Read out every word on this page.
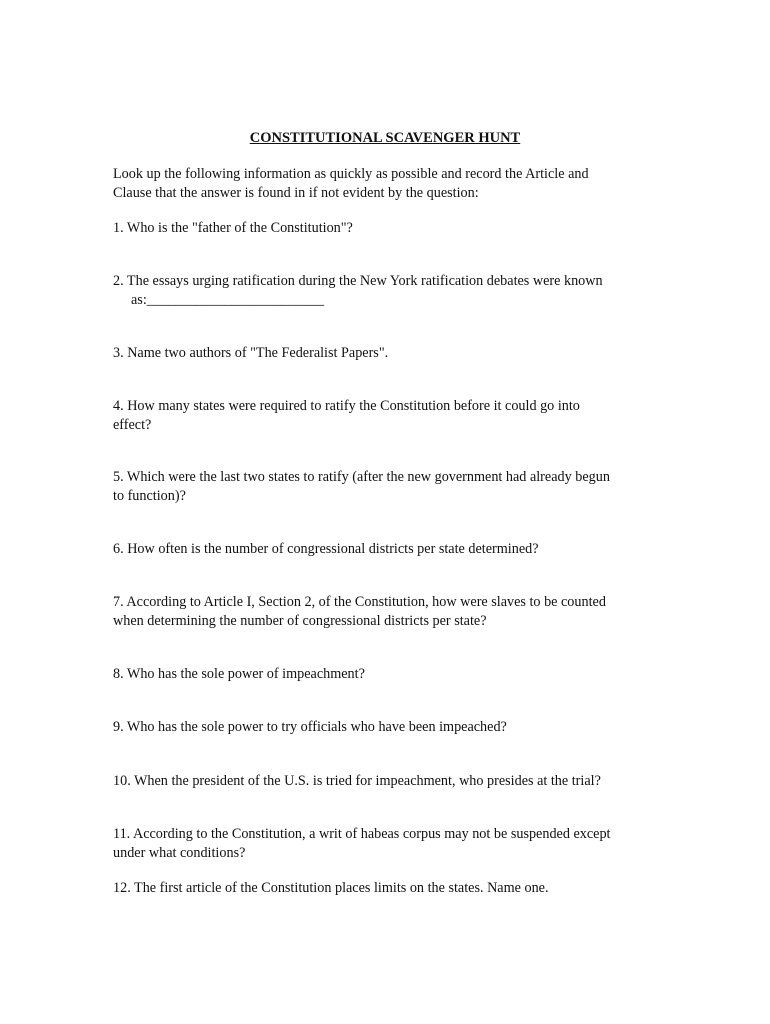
CONSTITUTIONAL SCAVENGER HUNT
Look up the following information as quickly as possible and record the Article and
Clause that the answer is found in if not evident by the question:
1. Who is the "father of the Constitution"?
2. The essays urging ratification during the New York ratification debates were known
as:_________________________
3. Name two authors of "The Federalist Papers".
4. How many states were required to ratify the Constitution before it could go into
effect?
5. Which were the last two states to ratify (after the new government had already begun
to function)?
6. How often is the number of congressional districts per state determined?
7. According to Article I, Section 2, of the Constitution, how were slaves to be counted
when determining the number of congressional districts per state?
8. Who has the sole power of impeachment?
9. Who has the sole power to try officials who have been impeached?
10. When the president of the U.S. is tried for impeachment, who presides at the trial?
11. According to the Constitution, a writ of habeas corpus may not be suspended except
under what conditions?
12. The first article of the Constitution places limits on the states. Name one.
